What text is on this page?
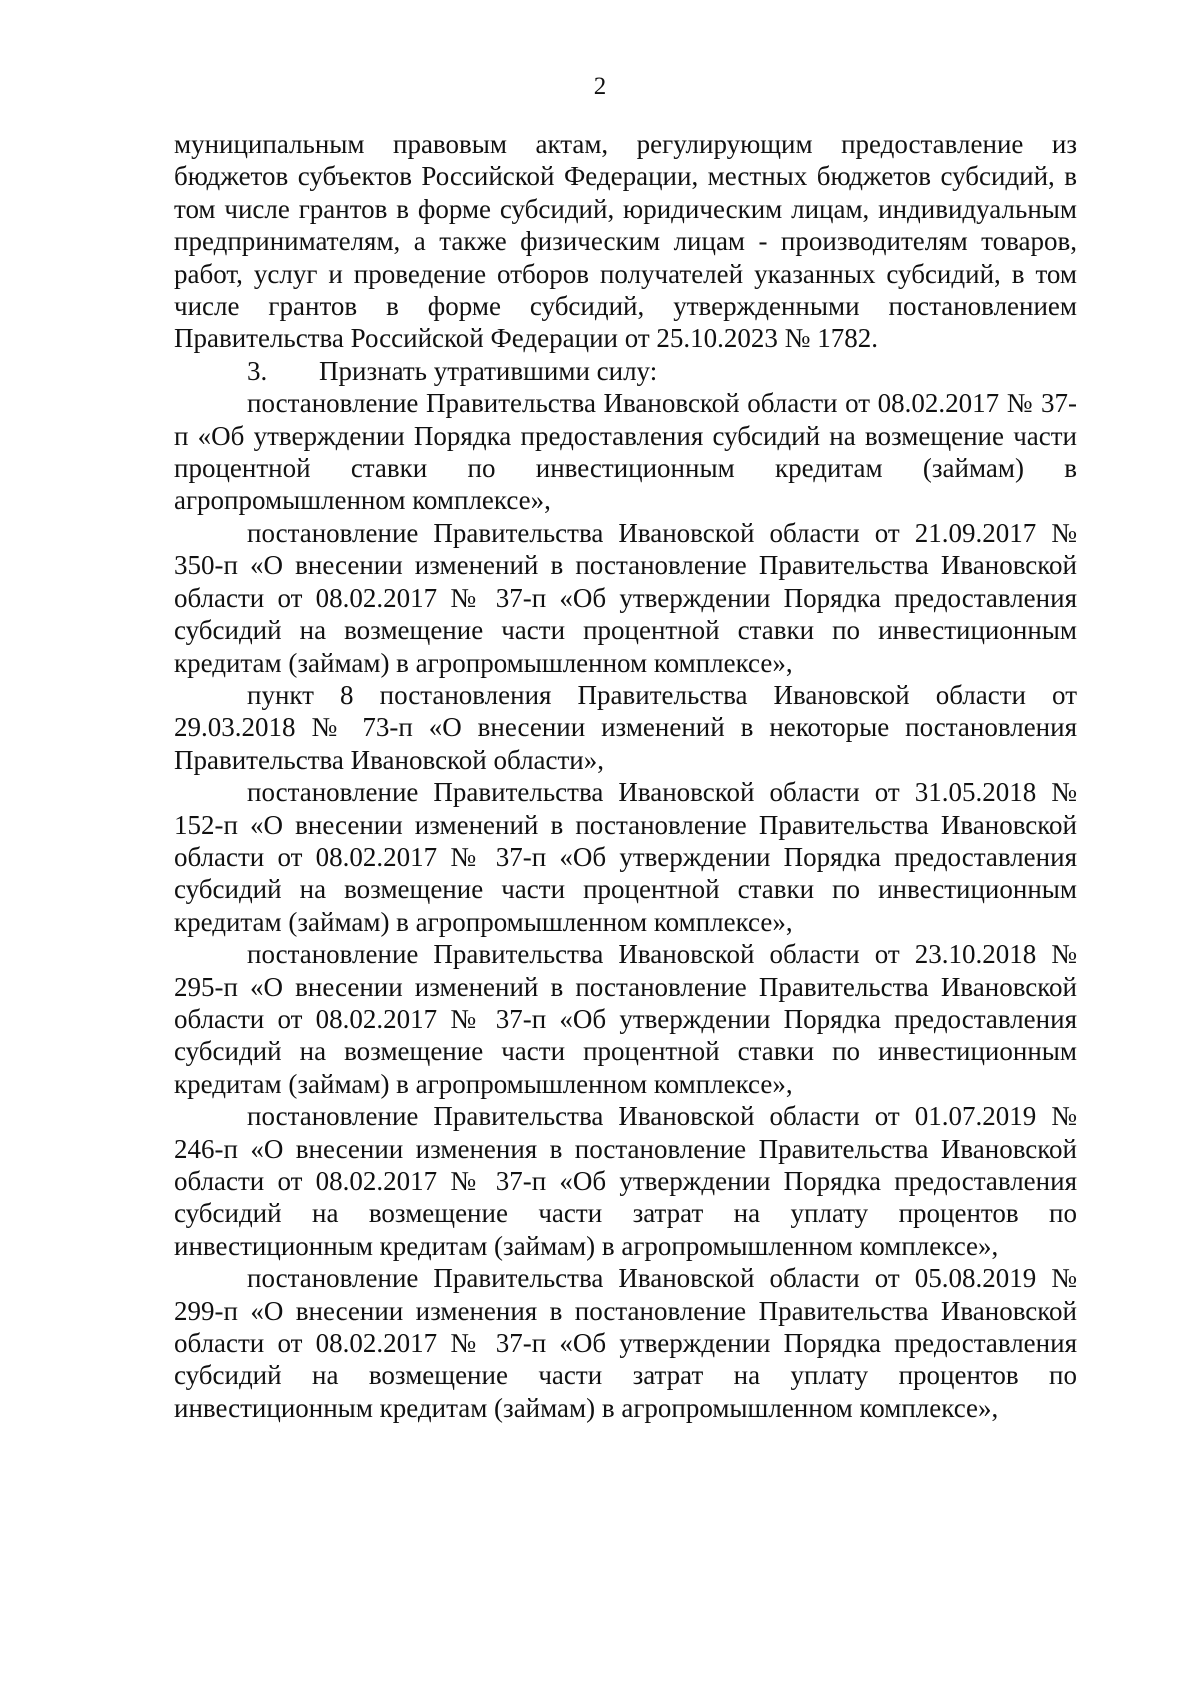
2

муниципальным правовым актам, регулирующим предоставление из бюджетов субъектов Российской Федерации, местных бюджетов субсидий, в том числе грантов в форме субсидий, юридическим лицам, индивидуальным предпринимателям, а также физическим лицам - производителям товаров, работ, услуг и проведение отборов получателей указанных субсидий, в том числе грантов в форме субсидий, утвержденными постановлением Правительства Российской Федерации от 25.10.2023 № 1782.

3. Признать утратившими силу:

постановление Правительства Ивановской области от 08.02.2017 № 37-п «Об утверждении Порядка предоставления субсидий на возмещение части процентной ставки по инвестиционным кредитам (займам) в агропромышленном комплексе»,

постановление Правительства Ивановской области от 21.09.2017 № 350-п «О внесении изменений в постановление Правительства Ивановской области от 08.02.2017 № 37-п «Об утверждении Порядка предоставления субсидий на возмещение части процентной ставки по инвестиционным кредитам (займам) в агропромышленном комплексе»,

пункт 8 постановления Правительства Ивановской области от 29.03.2018 № 73-п «О внесении изменений в некоторые постановления Правительства Ивановской области»,

постановление Правительства Ивановской области от 31.05.2018 № 152-п «О внесении изменений в постановление Правительства Ивановской области от 08.02.2017 № 37-п «Об утверждении Порядка предоставления субсидий на возмещение части процентной ставки по инвестиционным кредитам (займам) в агропромышленном комплексе»,

постановление Правительства Ивановской области от 23.10.2018 № 295-п «О внесении изменений в постановление Правительства Ивановской области от 08.02.2017 № 37-п «Об утверждении Порядка предоставления субсидий на возмещение части процентной ставки по инвестиционным кредитам (займам) в агропромышленном комплексе»,

постановление Правительства Ивановской области от 01.07.2019 № 246-п «О внесении изменения в постановление Правительства Ивановской области от 08.02.2017 № 37-п «Об утверждении Порядка предоставления субсидий на возмещение части затрат на уплату процентов по инвестиционным кредитам (займам) в агропромышленном комплексе»,

постановление Правительства Ивановской области от 05.08.2019 № 299-п «О внесении изменения в постановление Правительства Ивановской области от 08.02.2017 № 37-п «Об утверждении Порядка предоставления субсидий на возмещение части затрат на уплату процентов по инвестиционным кредитам (займам) в агропромышленном комплексе»,
